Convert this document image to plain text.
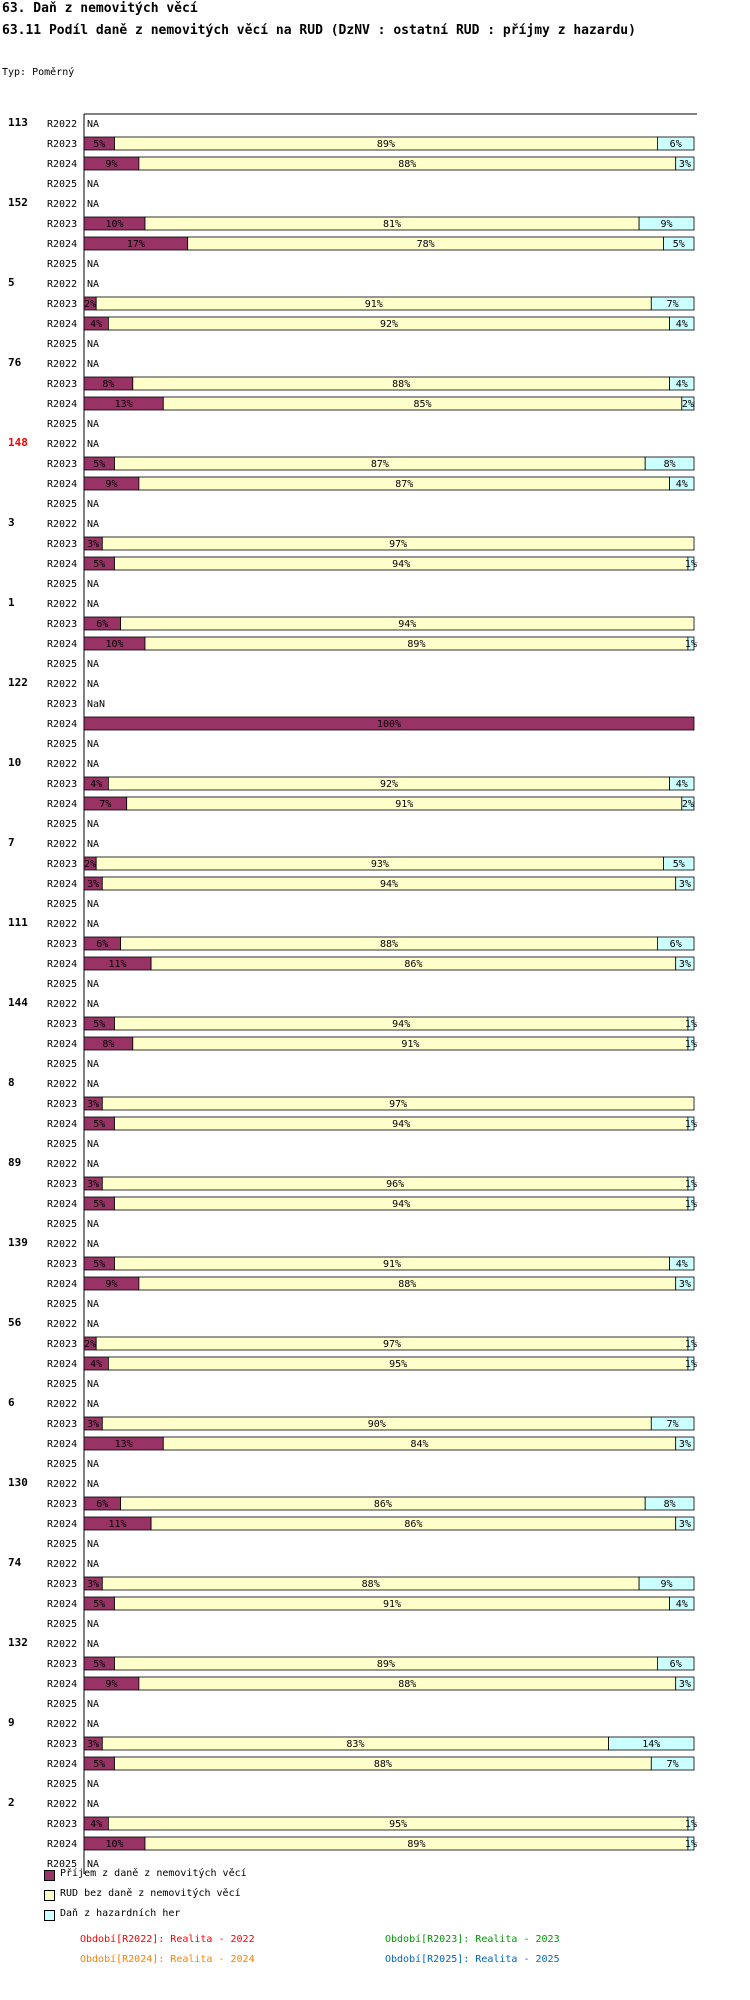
63. Daň z nemovitých věcí
63.11 Podíl daně z nemovitých věcí na RUD (DzNV : ostatní RUD : příjmy z hazardu)
Typ: Poměrný
113 R2022 NA
R2023 5%	89%	6%
R2024	9%	88%	3%
R2025 NA
152 R2022 NA
R2023	10%	81%	9%
R2024	17%	78%	5%
R2025 NA
5	R2022 NA
R2023 2%	91%	7%
R2024 4%	92%	4%
R2025 NA
76	R2022 NA
R2023	8%	88%	4%
R2024	13%	85%	2%
R2025 NA
148 R2022 NA
R2023 5%	87%	8%
R2024	9%	87%	4%
R2025 NA
3	R2022 NA
R2023 3%	97%
R2024 5%	94%	1%
R2025 NA
1	R2022 NA
R2023 6%	94%
R2024	10%	89%	1%
R2025 NA
122 R2022 NA
R2023 NaN
R2024	100%
R2025 NA
10	R2022 NA
R2023 4%	92%	4%
R2024 7%	91%	2%
R2025 NA
7	R2022 NA
R2023 2%	93%	5%
R2024 3%	94%	3%
R2025 NA
111 R2022 NA
R2023 6%	88%	6%
R2024	11%	86%	3%
R2025 NA
144 R2022 NA
R2023 5%	94%	1%
R2024	8%	91%	1%
R2025 NA
8	R2022 NA
R2023 3%	97%
R2024 5%	94%	1%
R2025 NA
89	R2022 NA
R2023 3%	96%	1%
R2024 5%	94%	1%
R2025 NA
139 R2022 NA
R2023 5%	91%	4%
R2024	9%	88%	3%
R2025 NA
56	R2022 NA
R2023 2%	97%	1%
R2024 4%	95%	1%
R2025 NA
6	R2022 NA
R2023 3%	90%	7%
R2024	13%	84%	3%
R2025 NA
130 R2022 NA
R2023 6%	86%	8%
R2024	11%	86%	3%
R2025 NA
74	R2022 NA
R2023 3%	88%	9%
R2024 5%	91%	4%
R2025 NA
132 R2022 NA
R2023 5%	89%	6%
R2024	9%	88%	3%
R2025 NA
9	R2022 NA
R2023 3%	83%	14%
R2024 5%	88%	7%
R2025 NA
2	R2022 NA
R2023 4%	95%	1%
R2024	10%	89%	1%
R2025 NA
Příjem z daně z nemovitých věcí
RUD bez daně z nemovitých věcí
Daň z hazardních her
Období[R2022]: Realita - 2022	Období[R2023]: Realita - 2023
Období[R2024]: Realita - 2024	Období[R2025]: Realita - 2025
